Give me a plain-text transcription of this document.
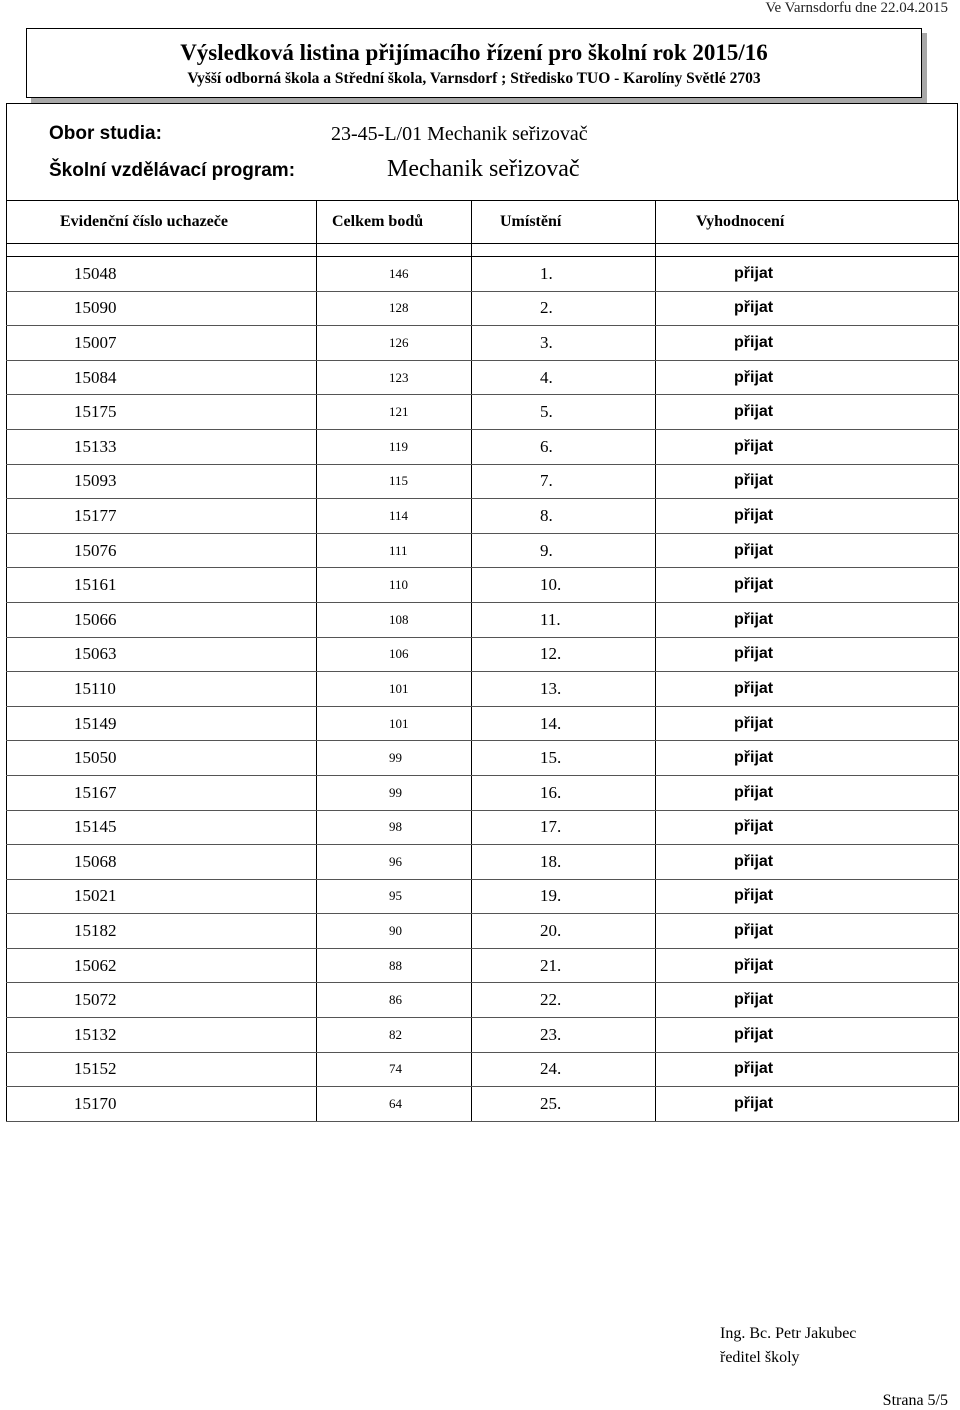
Ve Varnsdorfu dne 22.04.2015
Výsledková listina přijímacího řízení pro školní rok 2015/16
Vyšší odborná škola a Střední škola, Varnsdorf ; Středisko TUO - Karolíny Světlé 2703
Obor studia:	23-45-L/01 Mechanik seřizovač
Školní vzdělávací program:	Mechanik seřizovač
Evidenční číslo uchazeče	Celkem bodů	Umístění	Vyhodnocení

15048	146	1.	přijat
15090	128	2.	přijat
15007	126	3.	přijat
15084	123	4.	přijat
15175	121	5.	přijat
15133	119	6.	přijat
15093	115	7.	přijat
15177	114	8.	přijat
15076	111	9.	přijat
15161	110	10.	přijat
15066	108	11.	přijat
15063	106	12.	přijat
15110	101	13.	přijat
15149	101	14.	přijat
15050	99	15.	přijat
15167	99	16.	přijat
15145	98	17.	přijat
15068	96	18.	přijat
15021	95	19.	přijat
15182	90	20.	přijat
15062	88	21.	přijat
15072	86	22.	přijat
15132	82	23.	přijat
15152	74	24.	přijat
15170	64	25.	přijat
Ing. Bc. Petr Jakubec
ředitel školy
Strana 5/5
